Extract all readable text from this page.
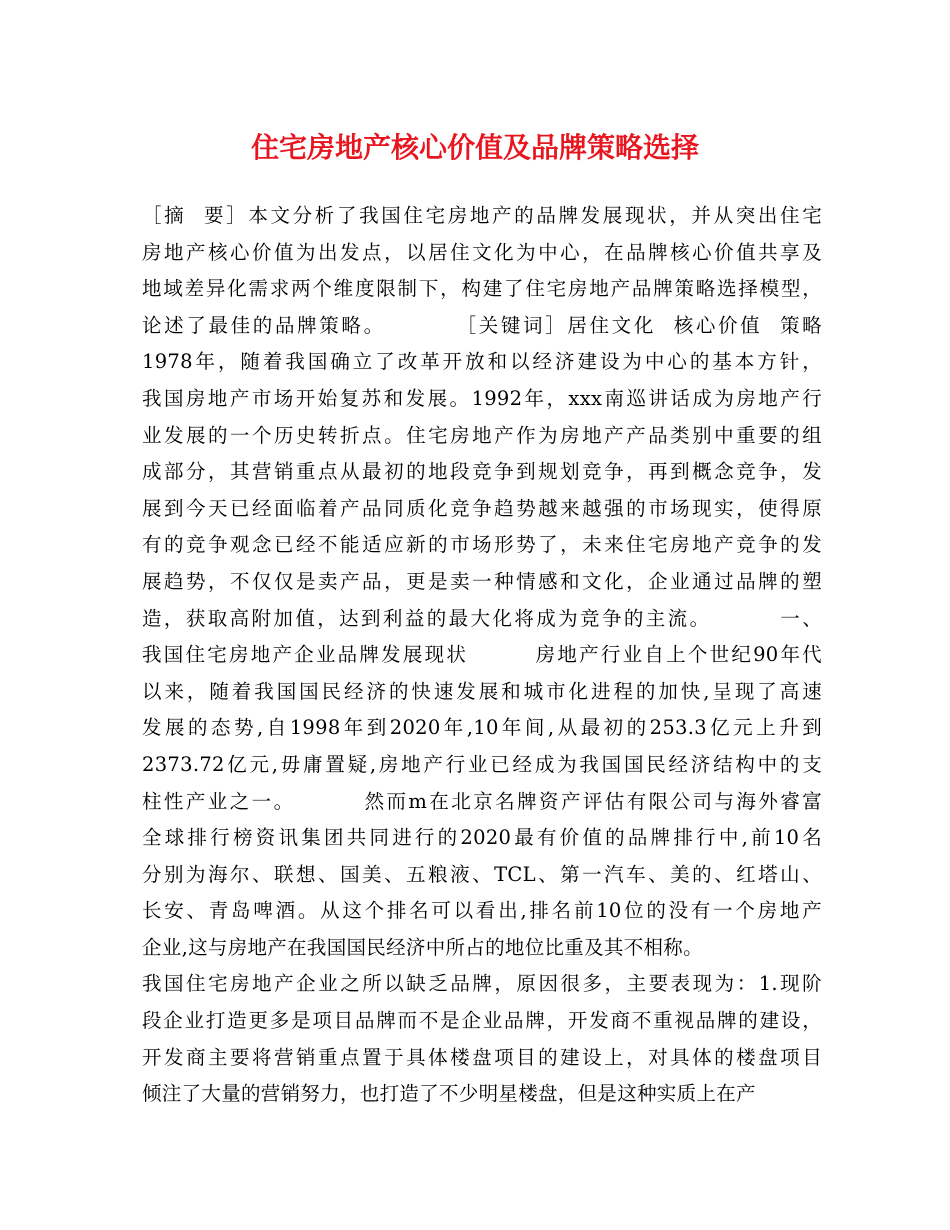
住宅房地产核心价值及品牌策略选择
［摘  要］本文分析了我国住宅房地产的品牌发展现状，并从突出住宅
房地产核心价值为出发点，以居住文化为中心，在品牌核心价值共享及
地域差异化需求两个维度限制下，构建了住宅房地产品牌策略选择模型，
论述了最佳的品牌策略。        ［关键词］居住文化  核心价值  策略
1978年，随着我国确立了改革开放和以经济建设为中心的基本方针，
我国房地产市场开始复苏和发展。1992年，xxx南巡讲话成为房地产行
业发展的一个历史转折点。住宅房地产作为房地产产品类别中重要的组
成部分，其营销重点从最初的地段竞争到规划竞争，再到概念竞争，发
展到今天已经面临着产品同质化竞争趋势越来越强的市场现实，使得原
有的竞争观念已经不能适应新的市场形势了，未来住宅房地产竞争的发
展趋势，不仅仅是卖产品，更是卖一种情感和文化，企业通过品牌的塑
造，获取高附加值，达到利益的最大化将成为竞争的主流。        一、
我国住宅房地产企业品牌发展现状        房地产行业自上个世纪90年代
以来，随着我国国民经济的快速发展和城市化进程的加快,呈现了高速
发展的态势,自1998年到2020年,10年间,从最初的253.3亿元上升到
2373.72亿元,毋庸置疑,房地产行业已经成为我国国民经济结构中的支
柱性产业之一。        然而m在北京名牌资产评估有限公司与海外睿富
全球排行榜资讯集团共同进行的2020最有价值的品牌排行中,前10名
分别为海尔、联想、国美、五粮液、TCL、第一汽车、美的、红塔山、
长安、青岛啤酒。从这个排名可以看出,排名前10位的没有一个房地产
企业,这与房地产在我国国民经济中所占的地位比重及其不相称。
我国住宅房地产企业之所以缺乏品牌，原因很多，主要表现为：1.现阶
段企业打造更多是项目品牌而不是企业品牌，开发商不重视品牌的建设，
开发商主要将营销重点置于具体楼盘项目的建设上，对具体的楼盘项目
倾注了大量的营销努力，也打造了不少明星楼盘，但是这种实质上在产
